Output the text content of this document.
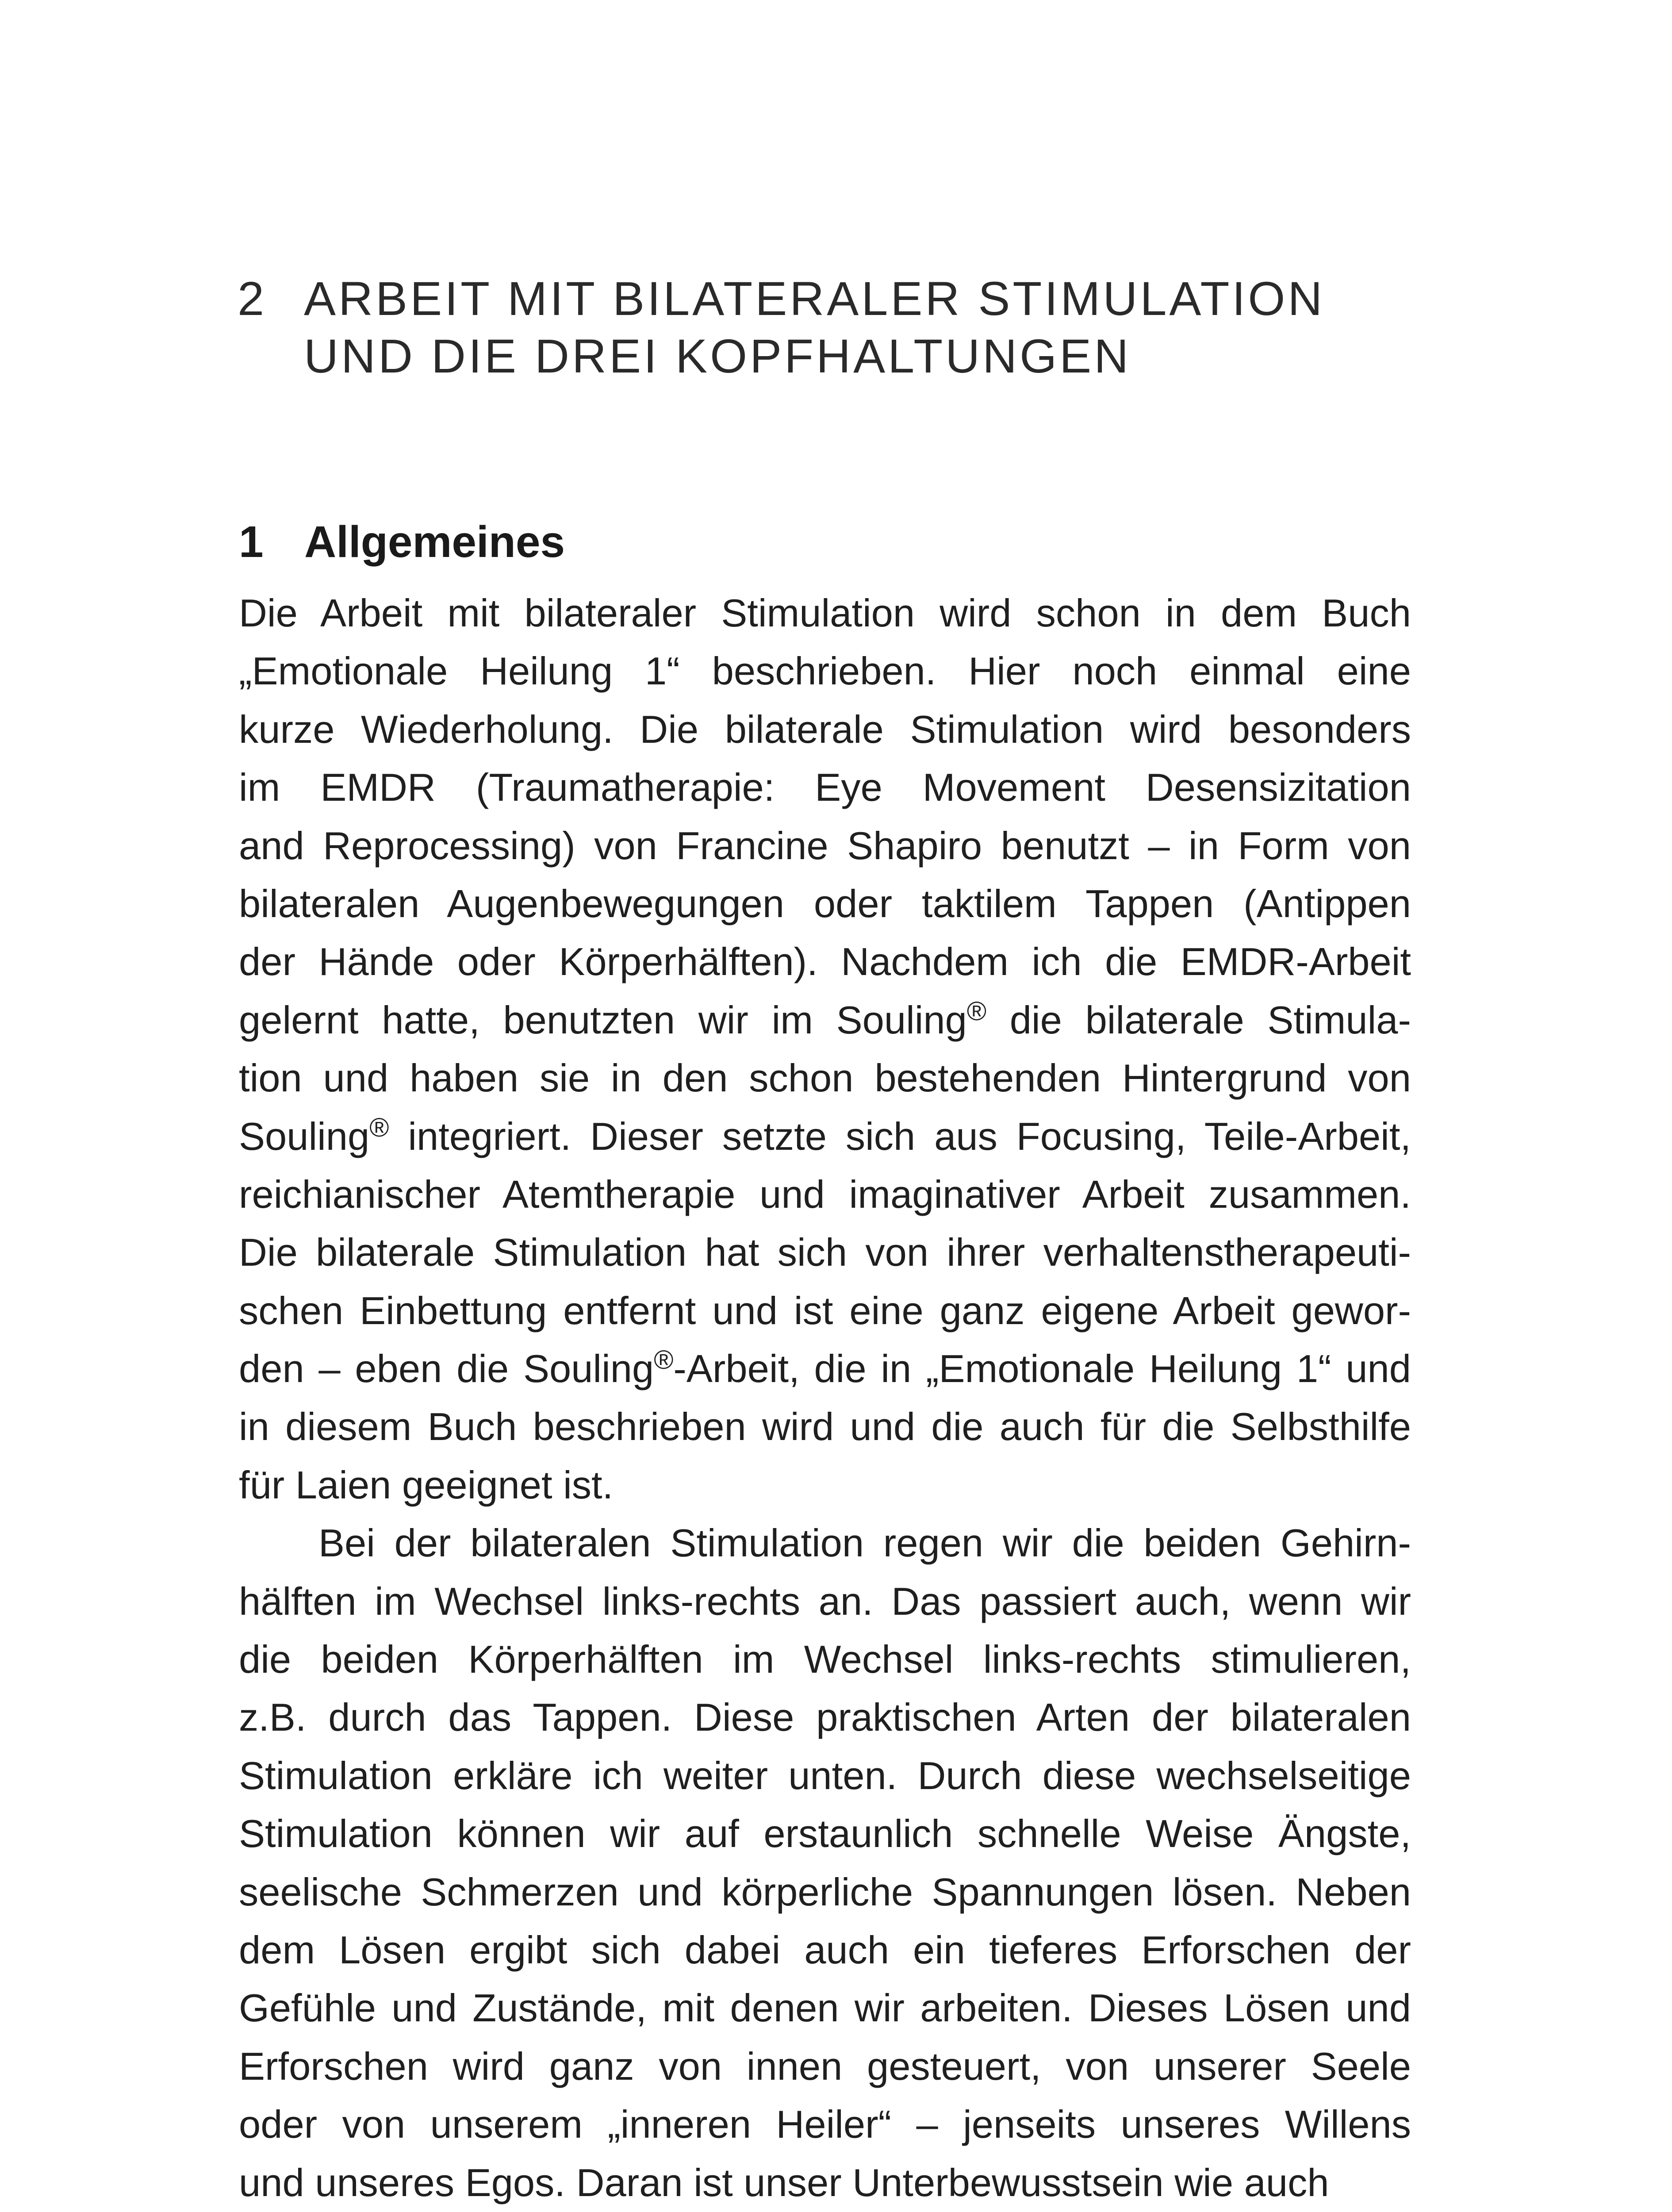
2 ARBEIT MIT BILATERALER STIMULATION
UND DIE DREI KOPFHALTUNGEN
1 Allgemeines
Die Arbeit mit bilateraler Stimulation wird schon in dem Buch
„Emotionale Heilung 1“ beschrieben. Hier noch einmal eine
kurze Wiederholung. Die bilaterale Stimulation wird besonders
im EMDR (Traumatherapie: Eye Movement Desensizitation
and Reprocessing) von Francine Shapiro benutzt – in Form von
bilateralen Augenbewegungen oder taktilem Tappen (Antippen
der Hände oder Körperhälften). Nachdem ich die EMDR-Arbeit
gelernt hatte, benutzten wir im Souling® die bilaterale Stimula-
tion und haben sie in den schon bestehenden Hintergrund von
Souling® integriert. Dieser setzte sich aus Focusing, Teile-Arbeit,
reichianischer Atemtherapie und imaginativer Arbeit zusammen.
Die bilaterale Stimulation hat sich von ihrer verhaltenstherapeuti-
schen Einbettung entfernt und ist eine ganz eigene Arbeit gewor-
den – eben die Souling®-Arbeit, die in „Emotionale Heilung 1“ und
in diesem Buch beschrieben wird und die auch für die Selbsthilfe
für Laien geeignet ist.
Bei der bilateralen Stimulation regen wir die beiden Gehirn-
hälften im Wechsel links-rechts an. Das passiert auch, wenn wir
die beiden Körperhälften im Wechsel links-rechts stimulieren,
z.B. durch das Tappen. Diese praktischen Arten der bilateralen
Stimulation erkläre ich weiter unten. Durch diese wechselseitige
Stimulation können wir auf erstaunlich schnelle Weise Ängste,
seelische Schmerzen und körperliche Spannungen lösen. Neben
dem Lösen ergibt sich dabei auch ein tieferes Erforschen der
Gefühle und Zustände, mit denen wir arbeiten. Dieses Lösen und
Erforschen wird ganz von innen gesteuert, von unserer Seele
oder von unserem „inneren Heiler“ – jenseits unseres Willens
und unseres Egos. Daran ist unser Unterbewusstsein wie auch
